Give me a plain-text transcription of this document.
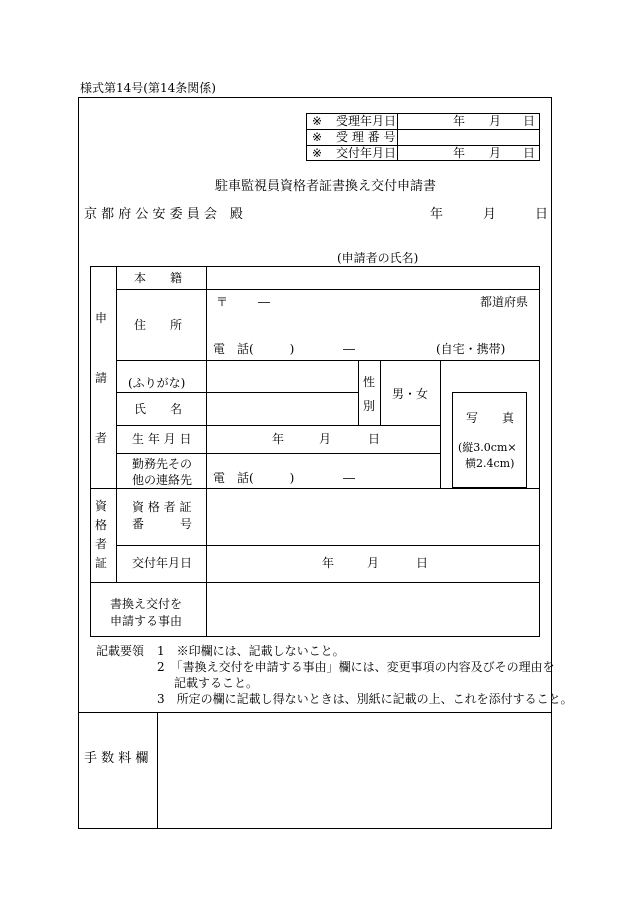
様式第14号(第14条関係)
※ 受理年月日	年 月 日
※ 受 理 番 号
※ 交付年月日	年 月 日
駐車監視員資格者証書換え交付申請書
京 都 府 公 安 委 員 会　殿	年	月	日
(申請者の氏名)
申
請
者
本　　籍
住　　所
〒 ―	都道府県
電　話(　　　)	―	(自宅・携帯)
(ふりがな)
氏　　名
性
別
男・女
写　　真
(縦3.0cm×
横2.4cm)
生 年 月 日	年	月	日
勤務先その
他の連絡先 電　話(　　　)	―
資
格
者
証
資 格 者 証
番　　　号
交付年月日	年	月	日
書換え交付を
申請する事由
記載要領 1　※印欄には、記載しないこと。
2　「書換え交付を申請する事由」欄には、変更事項の内容及びその理由を
記載すること。
3　所定の欄に記載し得ないときは、別紙に記載の上、これを添付すること。
手 数 料 欄
